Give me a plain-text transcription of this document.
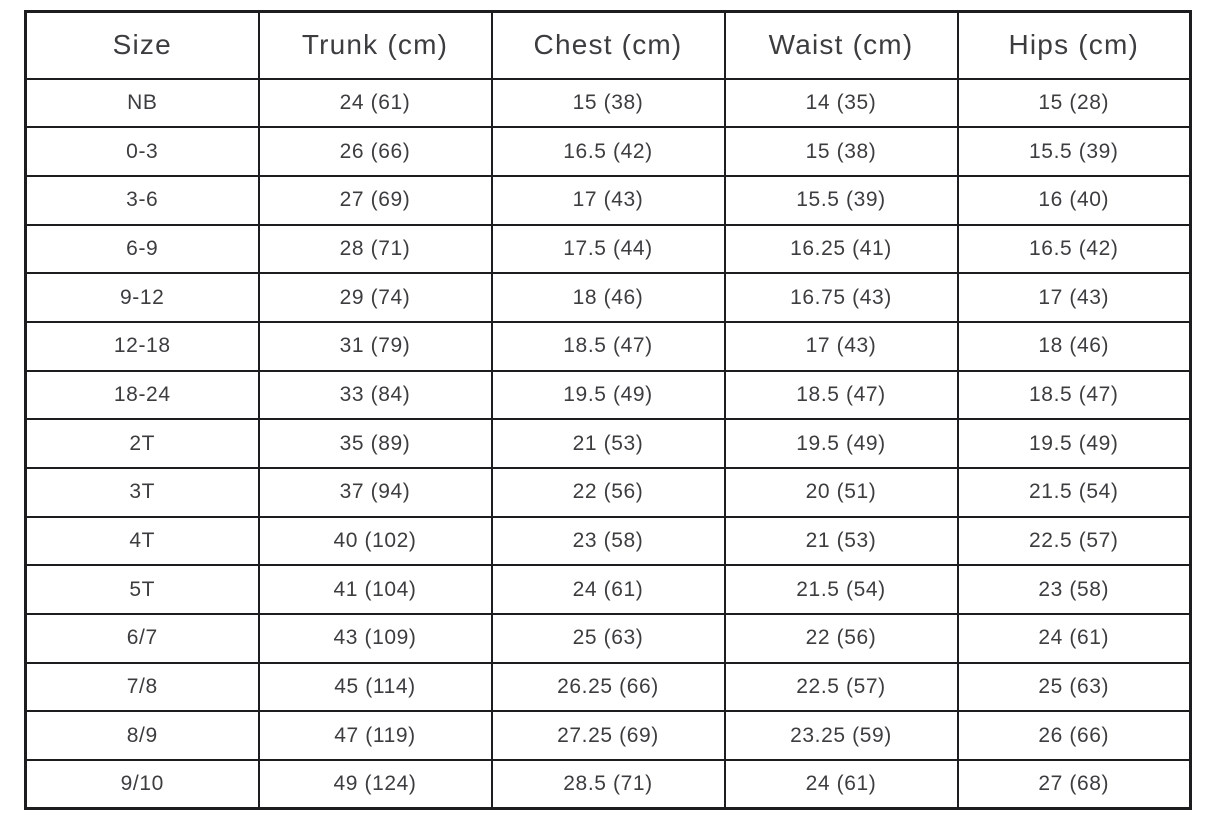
Size	Trunk (cm)	Chest (cm)	Waist (cm)	Hips (cm)
NB	24 (61)	15 (38)	14 (35)	15 (28)
0-3	26 (66)	16.5 (42)	15 (38)	15.5 (39)
3-6	27 (69)	17 (43)	15.5 (39)	16 (40)
6-9	28 (71)	17.5 (44)	16.25 (41)	16.5 (42)
9-12	29 (74)	18 (46)	16.75 (43)	17 (43)
12-18	31 (79)	18.5 (47)	17 (43)	18 (46)
18-24	33 (84)	19.5 (49)	18.5 (47)	18.5 (47)
2T	35 (89)	21 (53)	19.5 (49)	19.5 (49)
3T	37 (94)	22 (56)	20 (51)	21.5 (54)
4T	40 (102)	23 (58)	21 (53)	22.5 (57)
5T	41 (104)	24 (61)	21.5 (54)	23 (58)
6/7	43 (109)	25 (63)	22 (56)	24 (61)
7/8	45 (114)	26.25 (66)	22.5 (57)	25 (63)
8/9	47 (119)	27.25 (69)	23.25 (59)	26 (66)
9/10	49 (124)	28.5 (71)	24 (61)	27 (68)
